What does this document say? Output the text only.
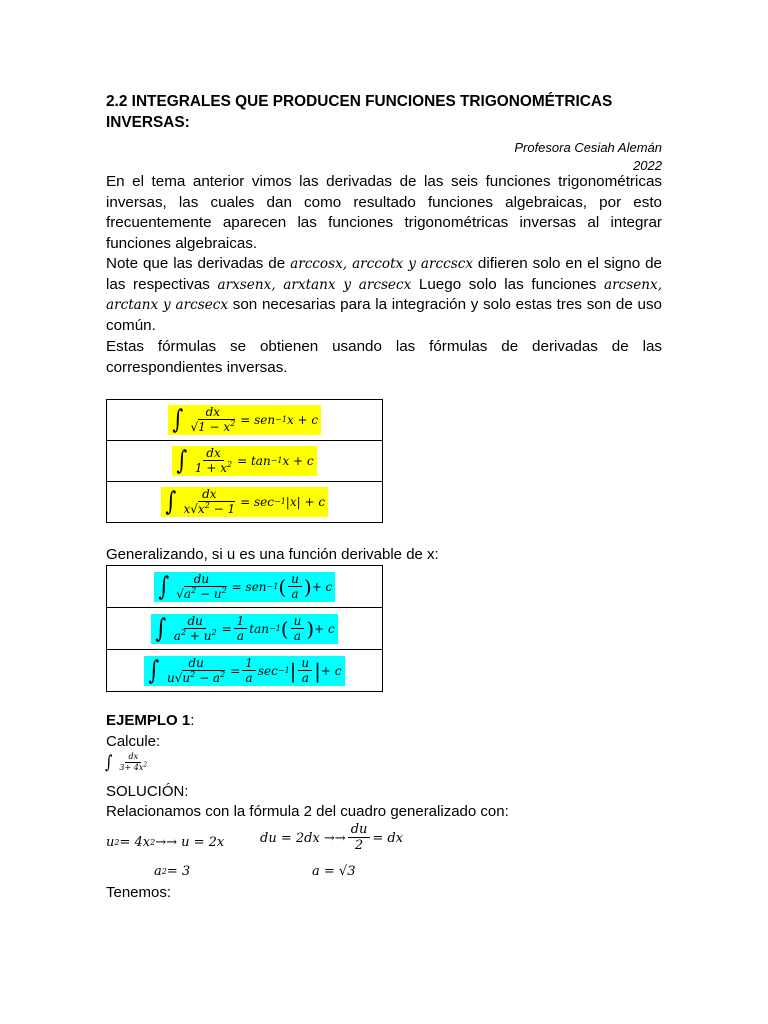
2.2 INTEGRALES QUE PRODUCEN FUNCIONES TRIGONOMÉTRICAS INVERSAS:
Profesora Cesiah Alemán
2022
En el tema anterior vimos las derivadas de las seis funciones trigonométricas inversas, las cuales dan como resultado funciones algebraicas, por esto frecuentemente aparecen las funciones trigonométricas inversas al integrar funciones algebraicas.
Note que las derivadas de arccosx, arccotx y arccscx difieren solo en el signo de las respectivas arxsenx, arxtanx y arcsecx Luego solo las funciones arcsenx, arctanx y arcsecx son necesarias para la integración y solo estas tres son de uso común.
Estas fórmulas se obtienen usando las fórmulas de derivadas de las correspondientes inversas.
∫ $\frac{dx}{√1 - x^2}$ = sen −1 x + c

∫ $\frac{dx}{1 + x^2} = \tan -1$ x + c

∫ $\frac{dx}{x√x^2 - 1} = \sec -1$ |x| + c
Generalizando, si u es una función derivable de x:
∫ $\frac{du}{√a^2 - u^2}$ = sen −1 ( $\frac{u}{a}$ ) + c

∫ $\frac{du}{a^2 + u^2} = \frac{1}{a}$ tan −1 ( $\frac{u}{a}$ ) + c

∫ $\frac{du}{u√u^2 - a^2} = \frac{1}{a}$ sec −1 | $\frac{u}{a}$ | + c
EJEMPLO 1:
Calcule:
∫ $\frac{dx}{3+ 4x^2}$
SOLUCIÓN:
Relacionamos con la fórmula 2 del cuadro generalizado con:
u 2 = 4x 2 →→ u = 2x	du = $2dx \to\to \frac{du}{2}$ = dx
a 2 = 3	a = √3
Tenemos:
